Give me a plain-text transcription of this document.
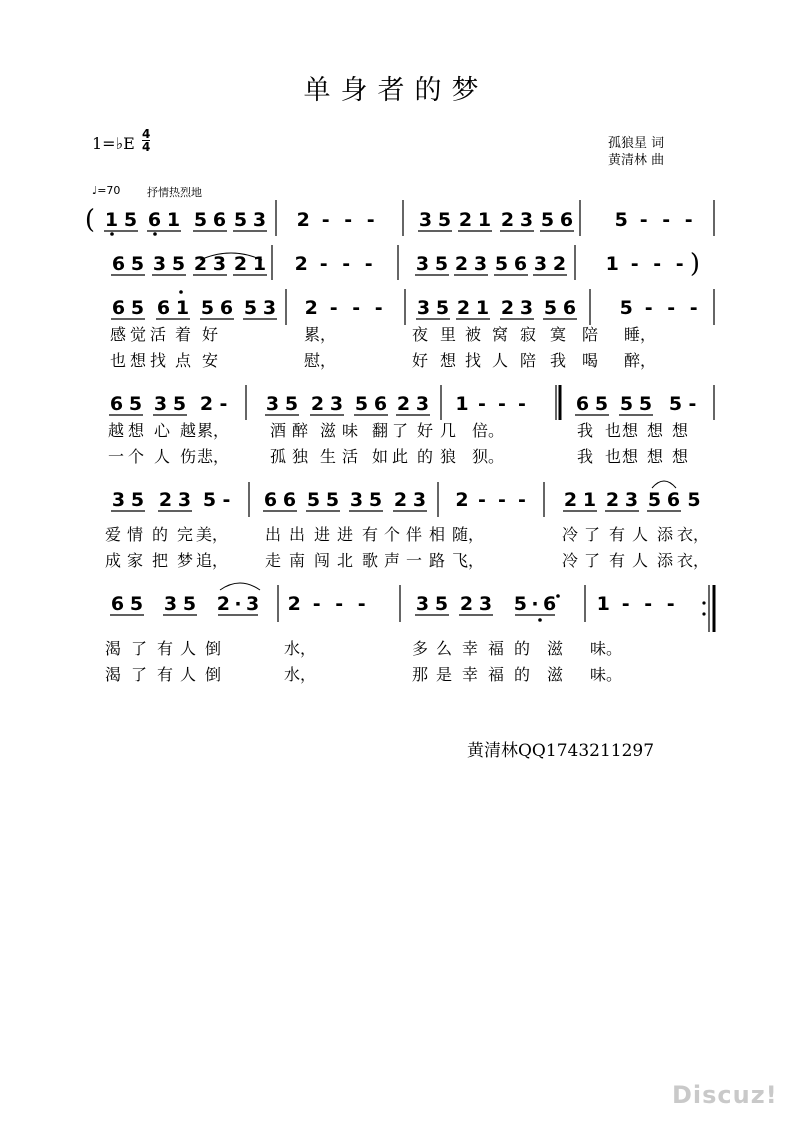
单身者的梦
1=♭E 4
4	孤狼星 词
黄清林 曲
♩=70 抒情热烈地
( 1 5 6 1 5 6 5 3 2 - - - 3 5 2 1 2 3 5 6 5 - - -
6 5 3 5 2 3 2 1 2 - - - 3 5 2 3 5 6 3 2 1 - - - )
6 5 6 1 5 6 5 3 2 - - - 3 5 2 1 2 3 5 6 5 - - -
感 觉 活 着 好	累，	夜 里 被 窝 寂 寞 陪 睡，
也 想 找 点 安	慰，	好 想 找 人 陪 我 喝 醉，
6 5 3 5 2 - 3 5 2 3 5 6 2 3 1 - - -	6 5 5 5 5 -
越 想 心 越 累，	酒 醉 滋 味 翻 了 好 几 倍。	我 也 想 想 想
一 个 人 伤 悲，	孤 独 生 活 如 此 的 狼 狈。	我 也 想 想 想
3 5 2 3 5 - 6 6 5 5 3 5 2 3 2 - - - 2 1 2 3 5 6 5
爱 情 的 完 美， 出 出 进 进 有 个 伴 相 随，	冷 了 有 人 添 衣，
成 家 把 梦 追， 走 南 闯 北 歌 声 一 路 飞，	冷 了 有 人 添 衣，
6 5 3 5 2 · 3 2 - - -	3 5 2 3 5 · 6 1 - - -
渴 了 有 人 倒	水，	多 么 幸 福 的 滋 味。
渴 了 有 人 倒	水，	那 是 幸 福 的 滋 味。
黄清林QQ1743211297
Discuz!
